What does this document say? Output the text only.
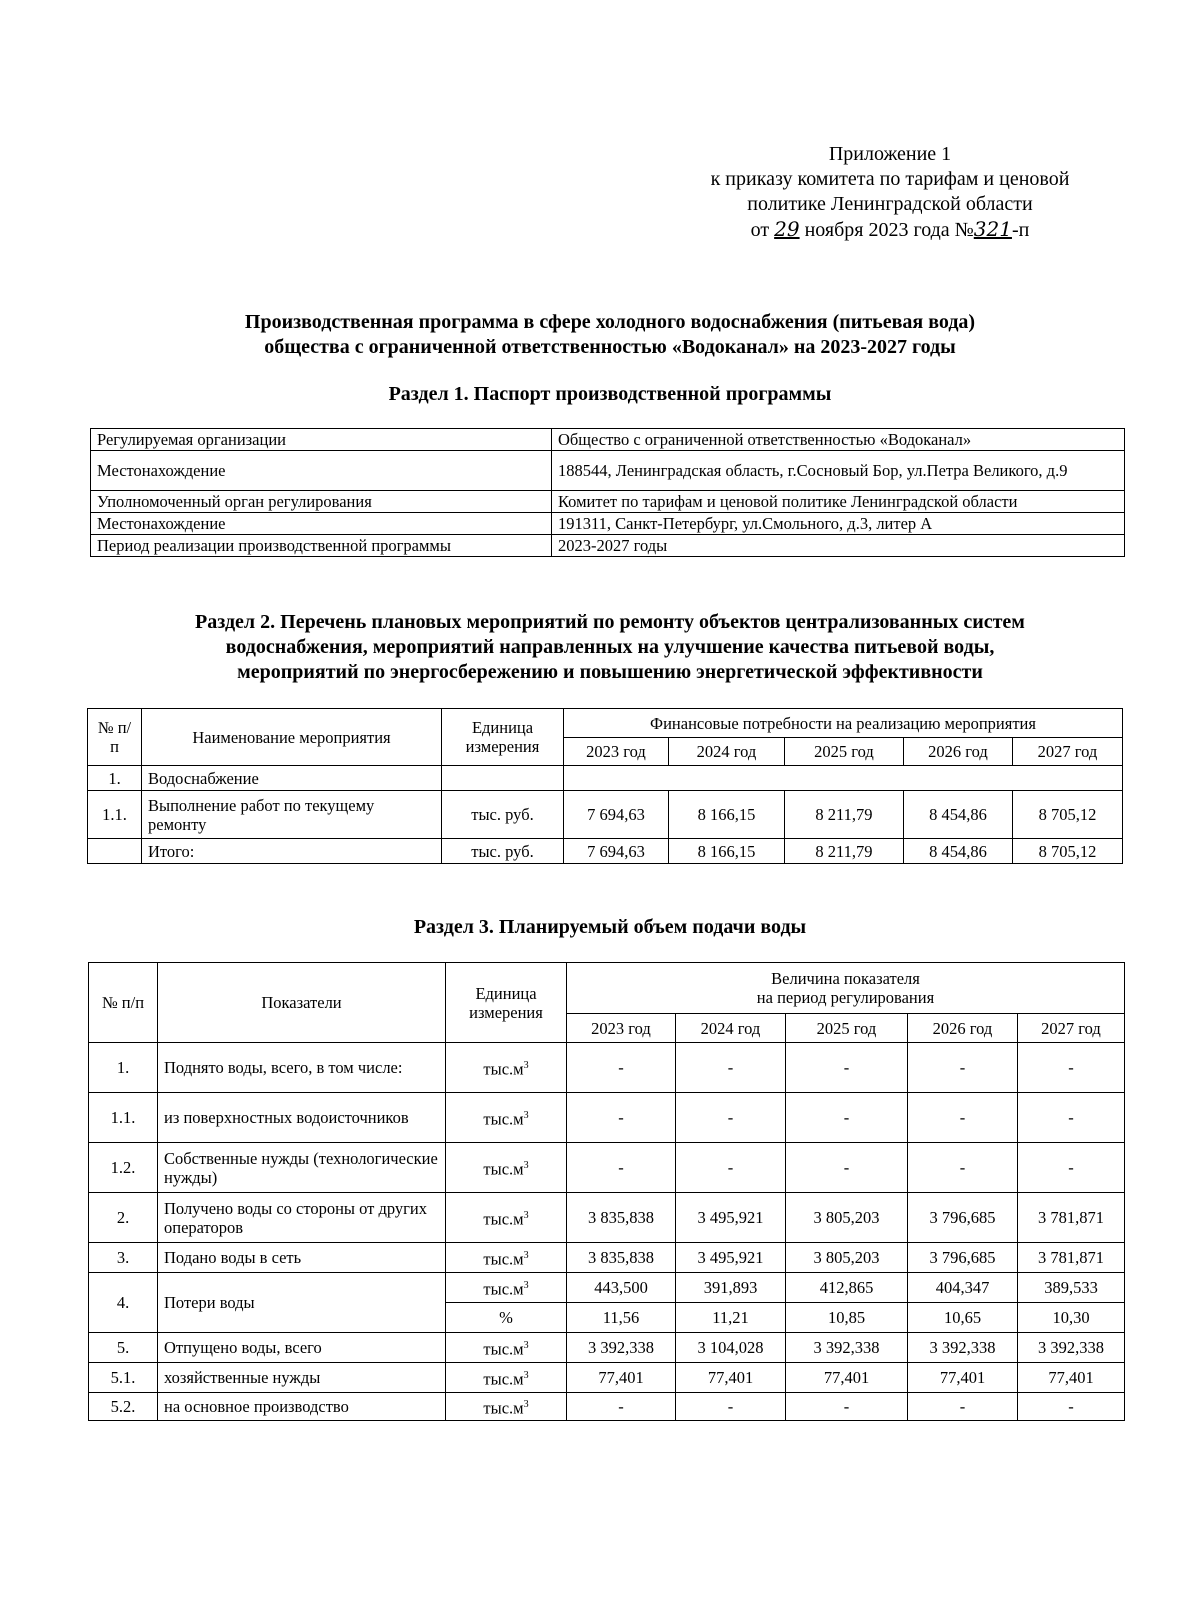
Приложение 1
к приказу комитета по тарифам и ценовой
политике Ленинградской области
от 29 ноября 2023 года №321-п
Производственная программа в сфере холодного водоснабжения (питьевая вода)
общества с ограниченной ответственностью «Водоканал» на 2023-2027 годы
Раздел 1. Паспорт производственной программы
Регулируемая организации	Общество с ограниченной ответственностью «Водоканал»
Местонахождение	188544, Ленинградская область, г.Сосновый Бор, ул.Петра Великого, д.9
Уполномоченный орган регулирования	Комитет по тарифам и ценовой политике Ленинградской области
Местонахождение	191311, Санкт-Петербург, ул.Смольного, д.3, литер А
Период реализации производственной программы	2023-2027 годы
Раздел 2. Перечень плановых мероприятий по ремонту объектов централизованных систем
водоснабжения, мероприятий направленных на улучшение качества питьевой воды,
мероприятий по энергосбережению и повышению энергетической эффективности
№ п/п	Наименование мероприятия	Единица измерения	Финансовые потребности на реализацию мероприятия				
			2023 год	2024 год	2025 год	2026 год	2027 год
1.	Водоснабжение						
1.1.	Выполнение работ по текущему ремонту	тыс. руб.	7 694,63	8 166,15	8 211,79	8 454,86	8 705,12
	Итого:	тыс. руб.	7 694,63	8 166,15	8 211,79	8 454,86	8 705,12
Раздел 3. Планируемый объем подачи воды
№ п/п	Показатели	Единица измерения	Величина показателя
на период регулирования				

			2023 год	2024 год	2025 год	2026 год	2027 год
1.	Поднято воды, всего, в том числе:	$тыс.м^3$	-	-	-	-	-
1.1.	из поверхностных водоисточников	$тыс.м^3$	-	-	-	-	-
1.2.	Собственные нужды (технологические нужды)	$тыс.м^3$	-	-	-	-	-
2.	Получено воды со стороны от других операторов	$тыс.м^3$	3 835,838	3 495,921	3 805,203	3 796,685	3 781,871
3.	Подано воды в сеть	$тыс.м^3$	3 835,838	3 495,921	3 805,203	3 796,685	3 781,871
4.	Потери воды	$тыс.м^3$	443,500	391,893	412,865	404,347	389,533
		%	11,56	11,21	10,85	10,65	10,30
5.	Отпущено воды, всего	$тыс.м^3$	3 392,338	3 104,028	3 392,338	3 392,338	3 392,338
5.1.	хозяйственные нужды	$тыс.м^3$	77,401	77,401	77,401	77,401	77,401
5.2.	на основное производство	$тыс.м^3$	-	-	-	-	-
